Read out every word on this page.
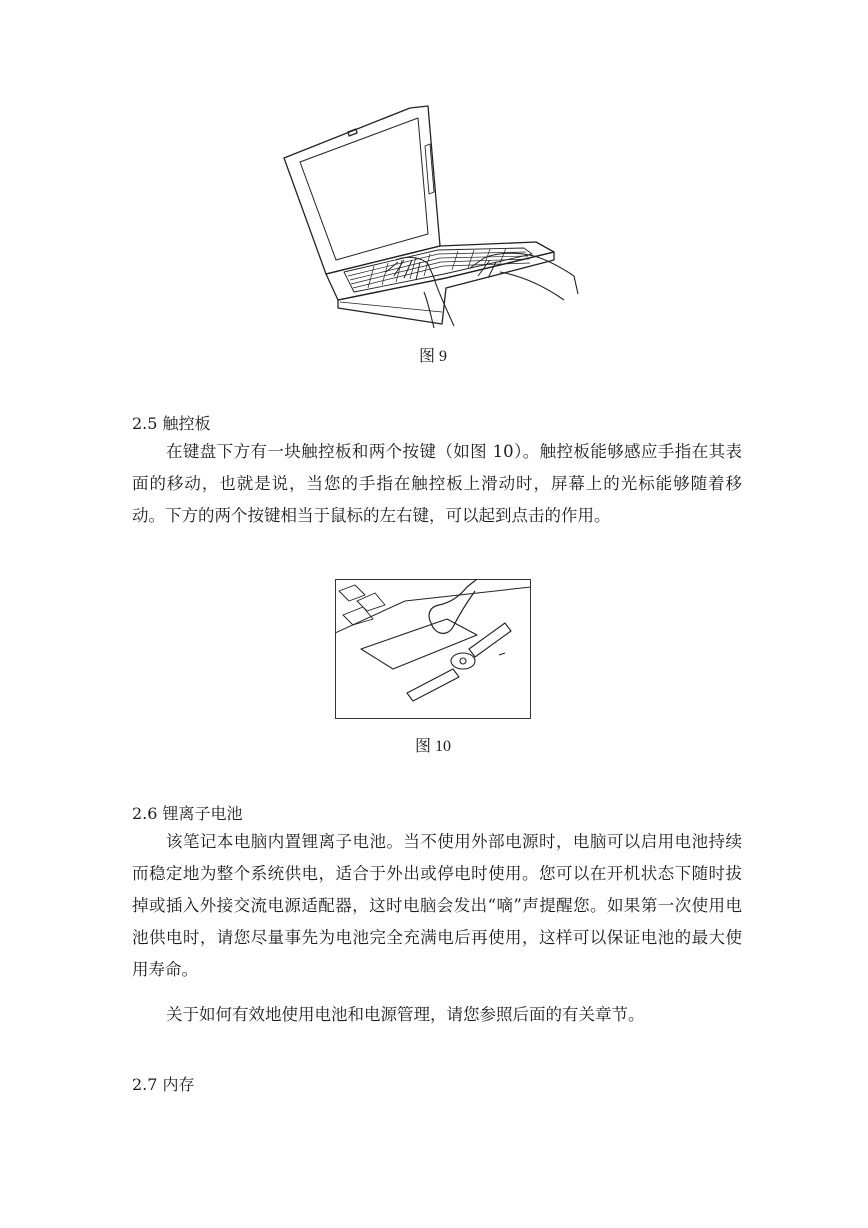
图 9
2.5 触控板
在键盘下方有一块触控板和两个按键（如图 10）。触控板能够感应手指在其表面的移动，也就是说，当您的手指在触控板上滑动时，屏幕上的光标能够随着移动。下方的两个按键相当于鼠标的左右键，可以起到点击的作用。
图 10
2.6 锂离子电池
该笔记本电脑内置锂离子电池。当不使用外部电源时，电脑可以启用电池持续而稳定地为整个系统供电，适合于外出或停电时使用。您可以在开机状态下随时拔掉或插入外接交流电源适配器，这时电脑会发出“嘀”声提醒您。如果第一次使用电池供电时，请您尽量事先为电池完全充满电后再使用，这样可以保证电池的最大使用寿命。
关于如何有效地使用电池和电源管理，请您参照后面的有关章节。
2.7 内存
